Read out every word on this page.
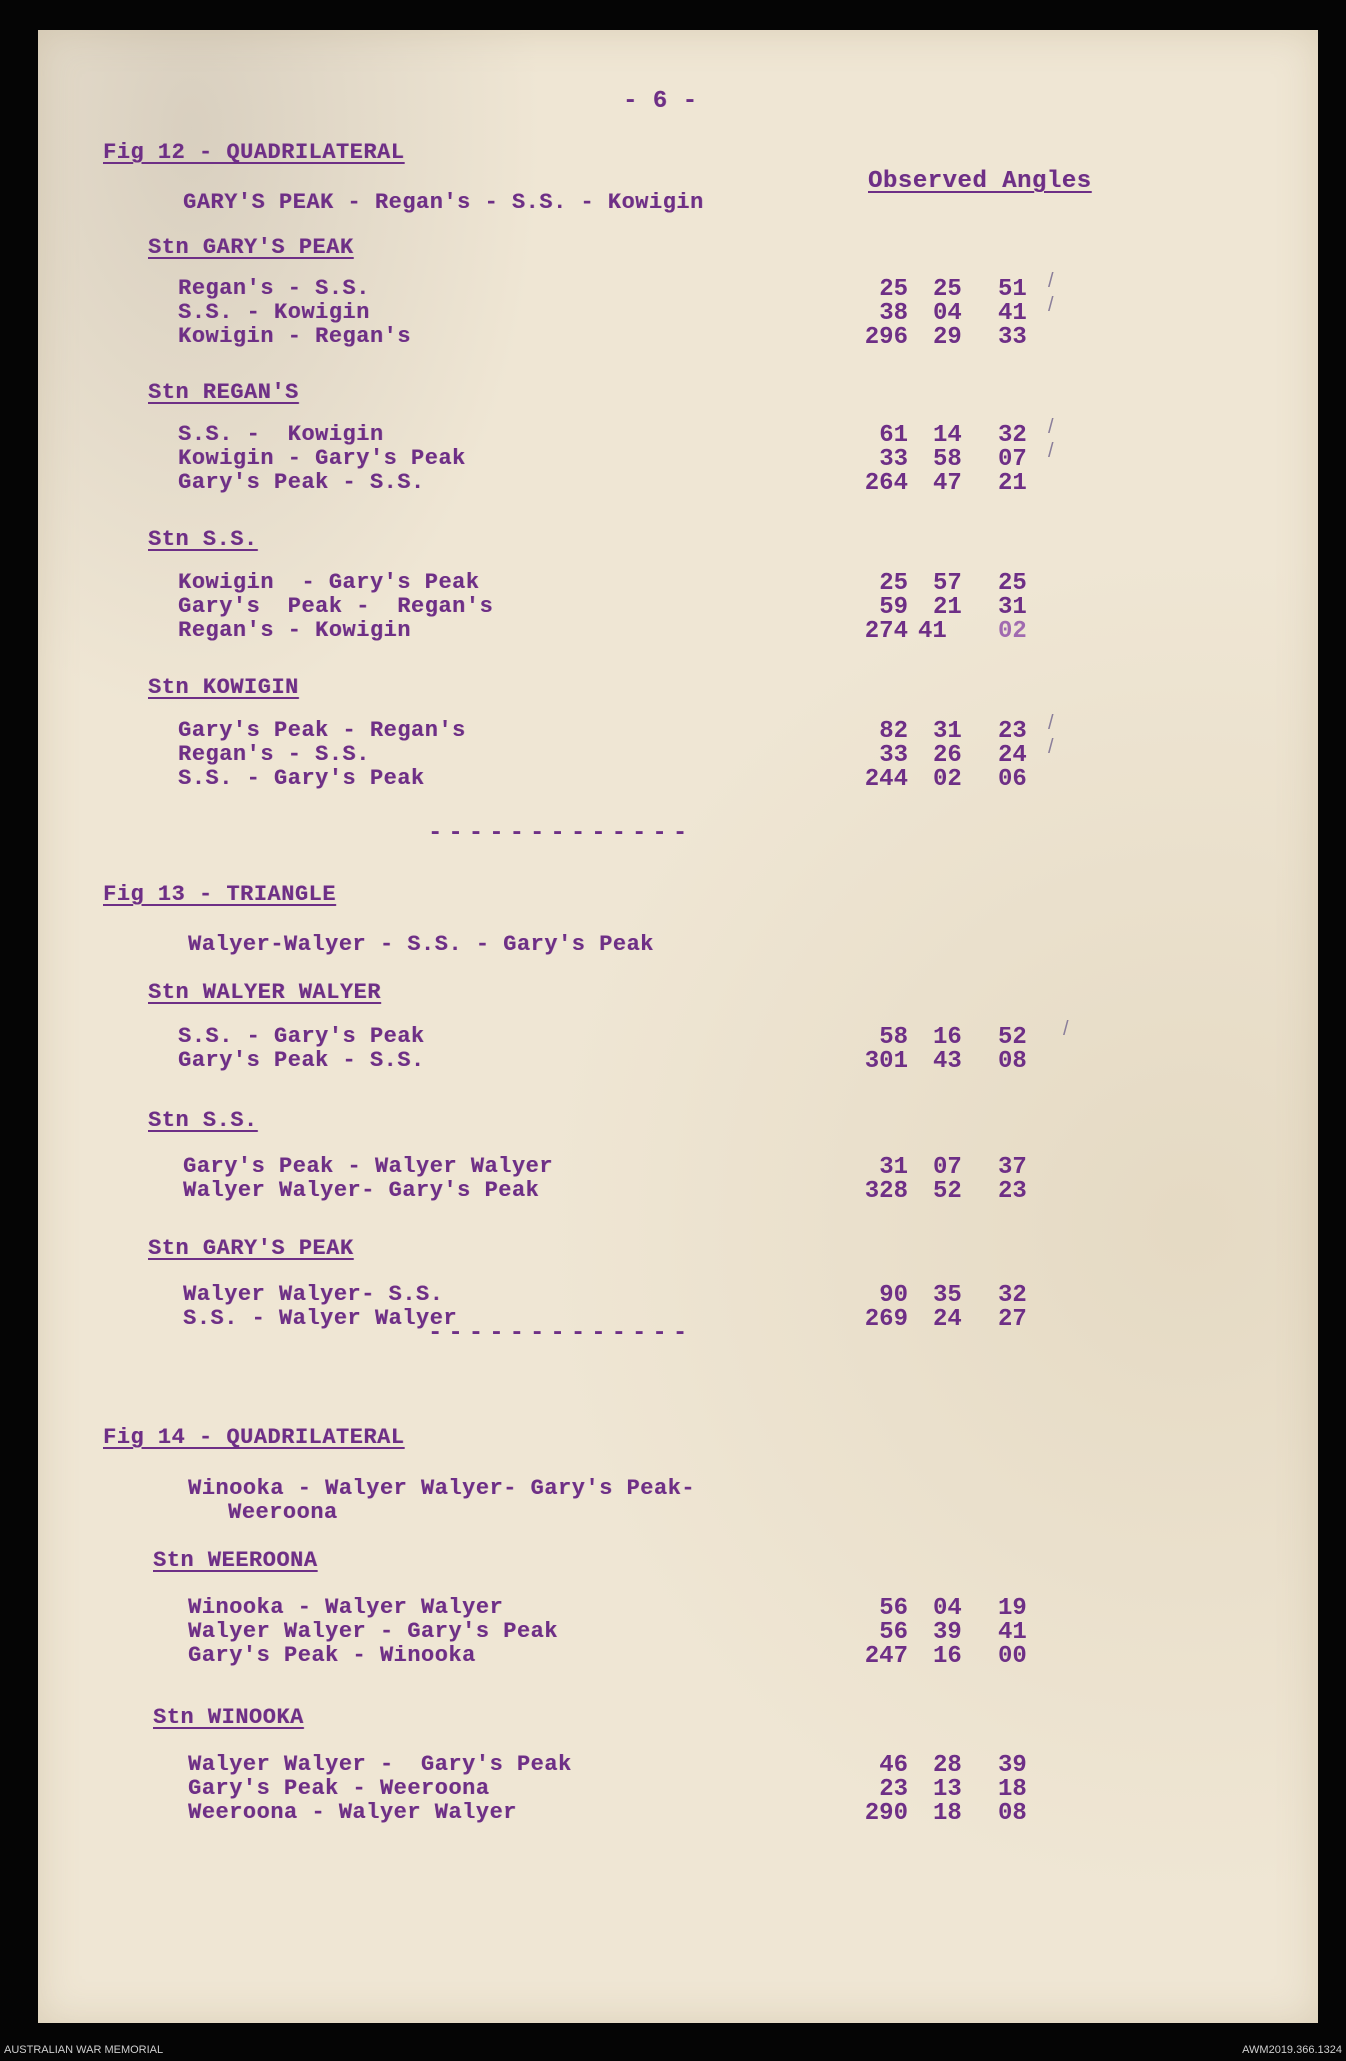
- 6 -
Observed Angles
Fig 12 - QUADRILATERAL
GARY'S PEAK - Regan's - S.S. - Kowigin
Stn GARY'S PEAK
Regan's - S.S.
S.S. - Kowigin
Kowigin - Regan's
25 25 51
38 04 41
296 29 33
/
/
Stn REGAN'S
S.S. -  Kowigin
Kowigin - Gary's Peak
Gary's Peak - S.S.
61 14 32
33 58 07
264 47 21
/
/
Stn S.S.
Kowigin  - Gary's Peak
Gary's  Peak -  Regan's
Regan's - Kowigin
25 57 25
59 21 31
274 41 02
Stn KOWIGIN
Gary's Peak - Regan's
Regan's - S.S.
S.S. - Gary's Peak
82 31 23
33 26 24
244 02 06
/
/
-------------
Fig 13 - TRIANGLE
Walyer-Walyer - S.S. - Gary's Peak
Stn WALYER WALYER
S.S. - Gary's Peak
Gary's Peak - S.S.
58 16 52
301 43 08
/
Stn S.S.
Gary's Peak - Walyer Walyer
Walyer Walyer- Gary's Peak
31 07 37
328 52 23
Stn GARY'S PEAK
Walyer Walyer- S.S.
S.S. - Walyer Walyer
90 35 32
269 24 27
-------------
Fig 14 - QUADRILATERAL
Winooka - Walyer Walyer- Gary's Peak-
Weeroona
Stn WEEROONA
Winooka - Walyer Walyer
Walyer Walyer - Gary's Peak
Gary's Peak - Winooka
56 04 19
56 39 41
247 16 00
Stn WINOOKA
Walyer Walyer -  Gary's Peak
Gary's Peak - Weeroona
Weeroona - Walyer Walyer
46 28 39
23 13 18
290 18 08
AUSTRALIAN WAR MEMORIAL	AWM2019.366.1324
